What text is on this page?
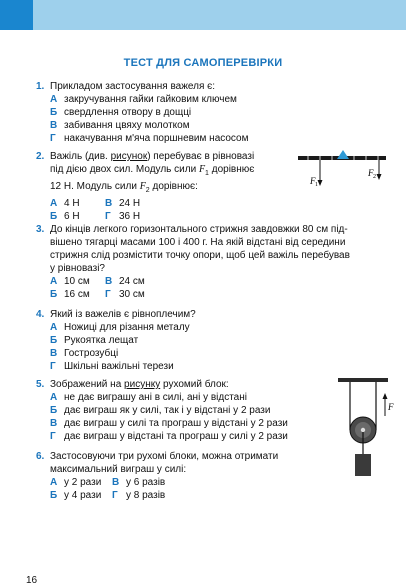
ТЕСТ ДЛЯ САМОПЕРЕВІРКИ
1. Прикладом застосування важеля є:
А закручування гайки гайковим ключем
Б свердлення отвору в дощці
В забивання цвяху молотком
Г накачування м'яча поршневим насосом
2. Важіль (див. рисунок) перебуває в рівновазі
під дією двох сил. Модуль сили $F_1$ дорівнює
12 Н. Модуль сили $F_2$ дорівнює:
А 4 Н	В 24 Н
Б 6 Н	Г 36 Н
F 1
F 2
3. До кінців легкого горизонтального стрижня завдовжки 80 см під-
вішено тягарці масами 100 і 400 г. На якій відстані від середини
стрижня слід розмістити точку опори, щоб цей важіль перебував
у рівновазі?
А 10 см В 24 см
Б 16 см Г 30 см
4. Який із важелів є рівноплечим?
А Ножиці для різання металу
Б Рукоятка лещат
В Гострозубці
Г Шкільні важільні терези
5. Зображений на рисунку рухомий блок:
А не дає виграшу ані в силі, ані у відстані
Б дає виграш як у силі, так і у відстані у 2 рази
В дає виграш у силі та програш у відстані у 2 рази
Г дає виграш у відстані та програш у силі у 2 рази
F
6. Застосовуючи три рухомі блоки, можна отримати
максимальний виграш у силі:
А у 2 рази В у 6 разів
Б у 4 рази Г у 8 разів
16
